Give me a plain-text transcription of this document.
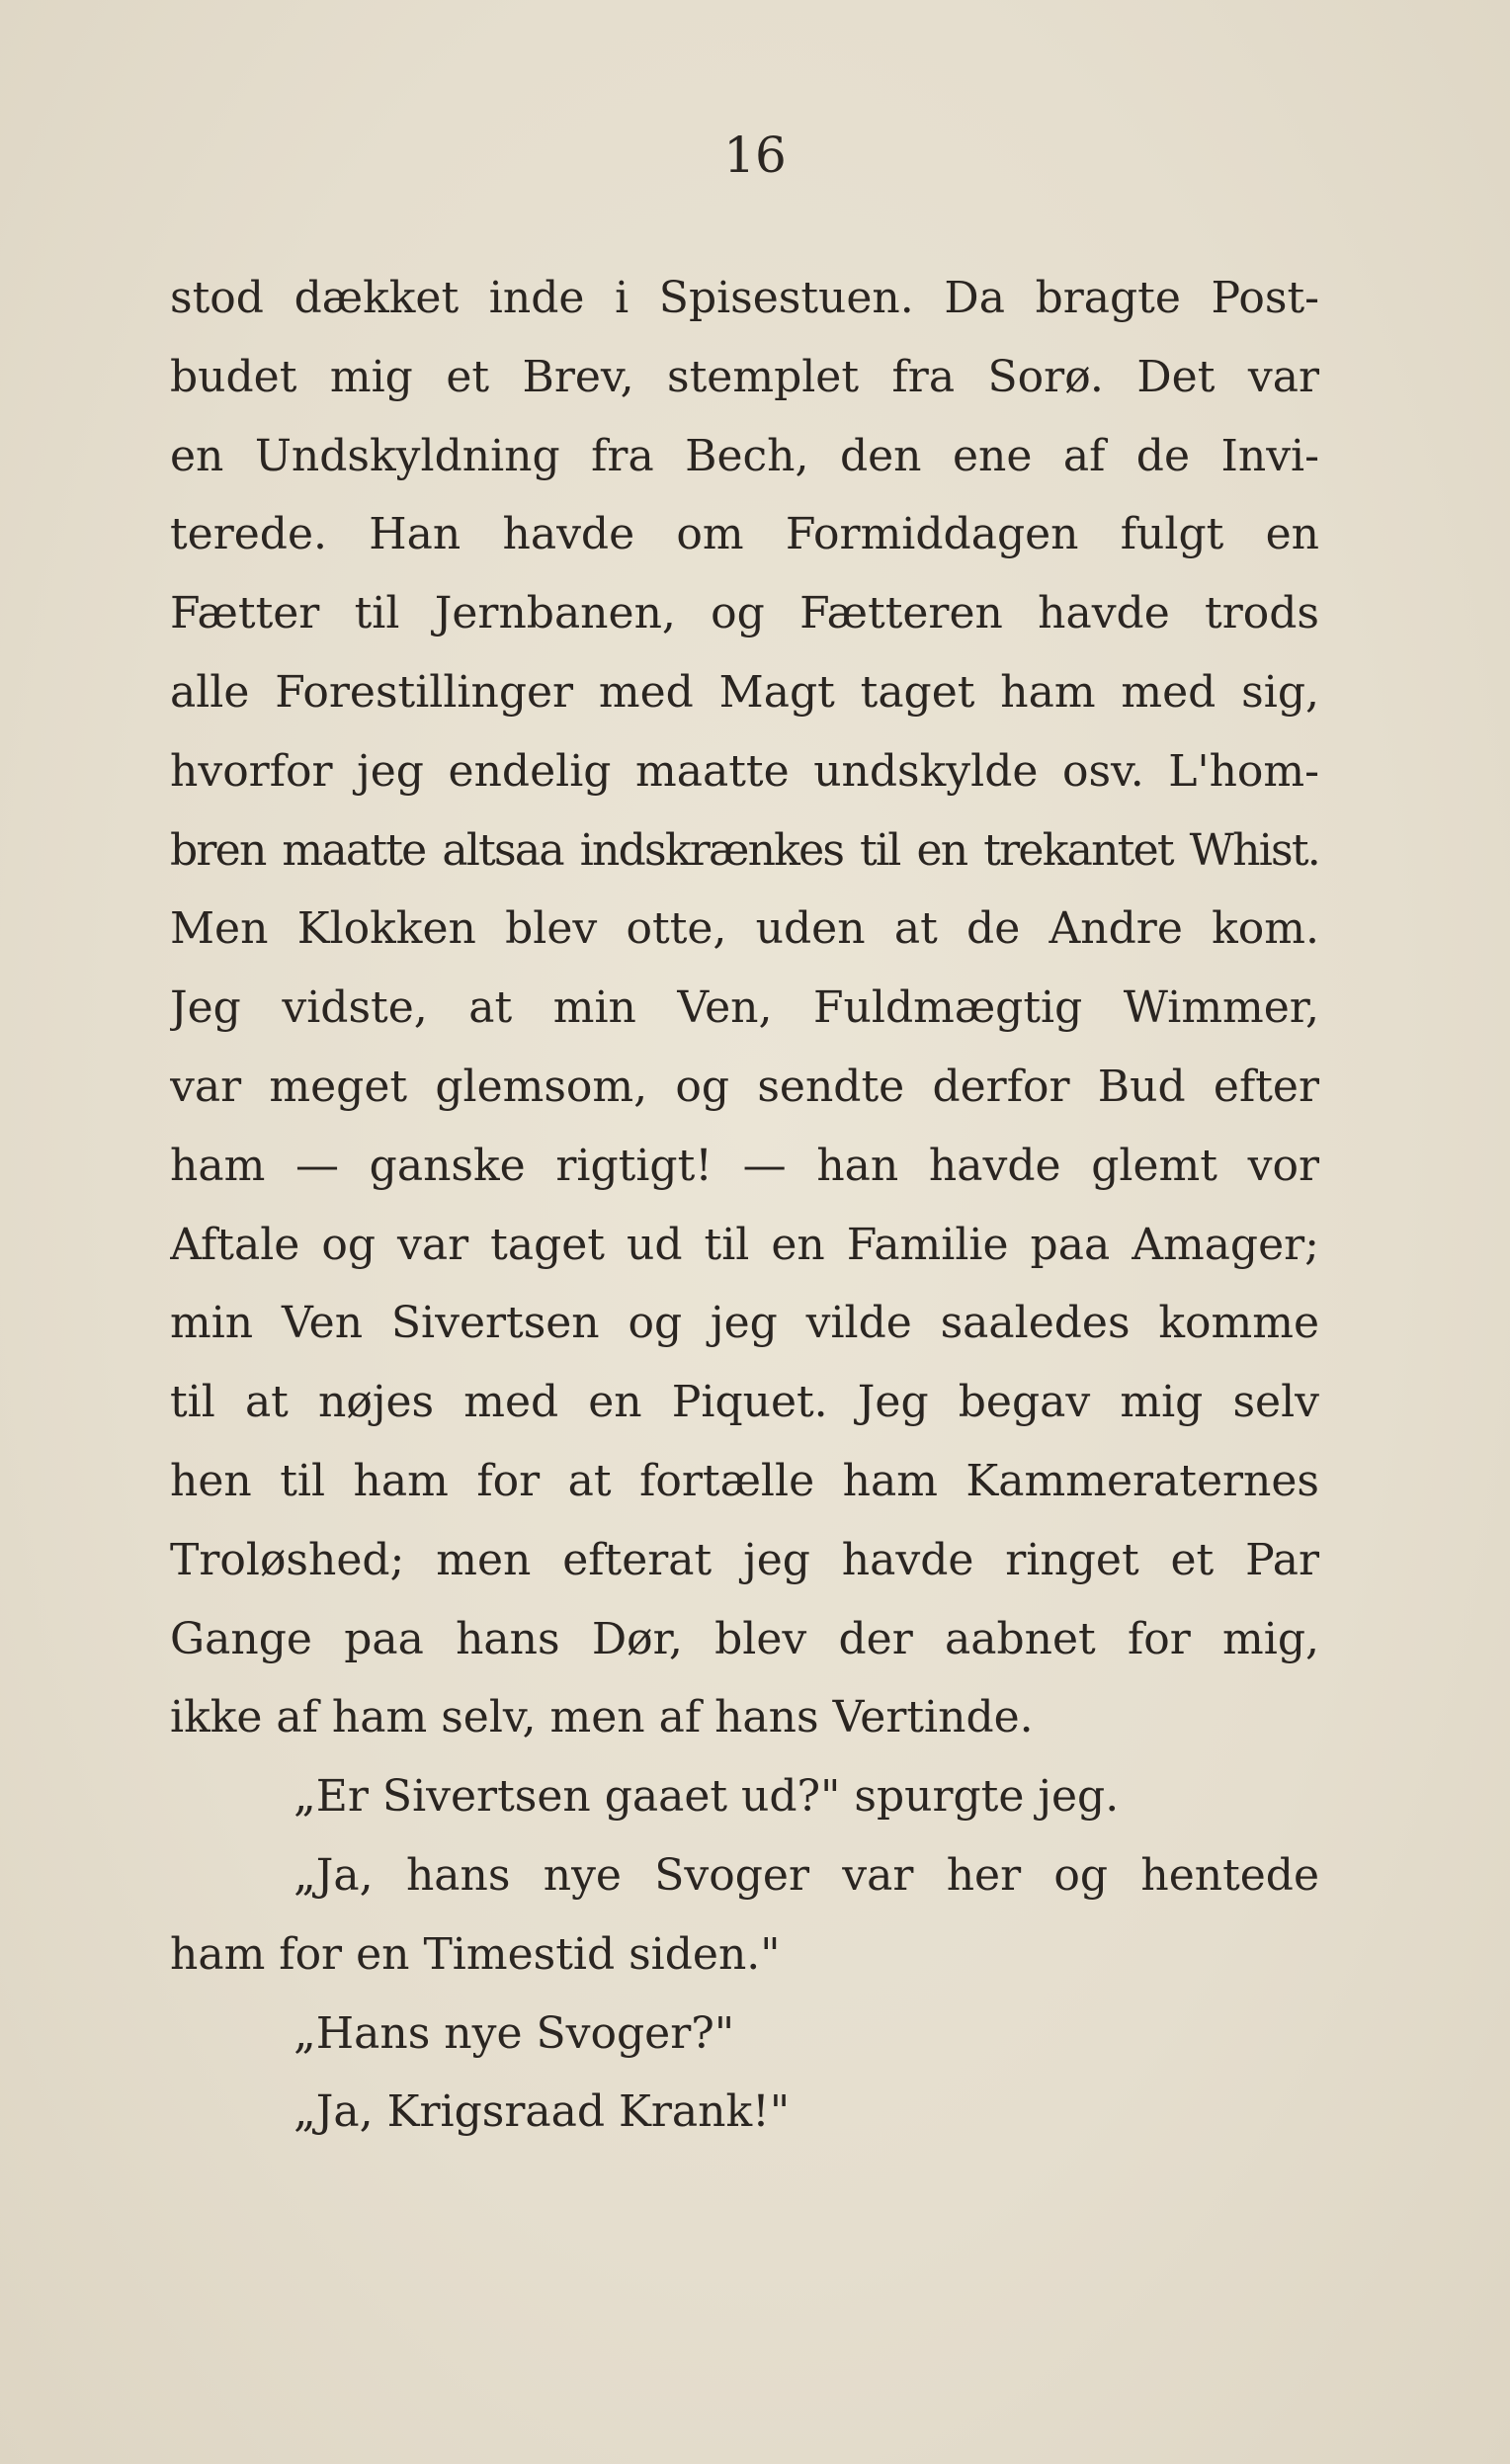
16
stod dækket inde i Spisestuen. Da bragte Post-
budet mig et Brev, stemplet fra Sorø. Det var
en Undskyldning fra Bech, den ene af de Invi-
terede. Han havde om Formiddagen fulgt en
Fætter til Jernbanen, og Fætteren havde trods
alle Forestillinger med Magt taget ham med sig,
hvorfor jeg endelig maatte undskylde osv. L'hom-
bren maatte altsaa indskrænkes til en trekantet Whist.
Men Klokken blev otte, uden at de Andre kom.
Jeg vidste, at min Ven, Fuldmægtig Wimmer,
var meget glemsom, og sendte derfor Bud efter
ham — ganske rigtigt! — han havde glemt vor
Aftale og var taget ud til en Familie paa Amager;
min Ven Sivertsen og jeg vilde saaledes komme
til at nøjes med en Piquet. Jeg begav mig selv
hen til ham for at fortælle ham Kammeraternes
Troløshed; men efterat jeg havde ringet et Par
Gange paa hans Dør, blev der aabnet for mig,
ikke af ham selv, men af hans Vertinde.
„Er Sivertsen gaaet ud?" spurgte jeg.
„Ja, hans nye Svoger var her og hentede
ham for en Timestid siden."
„Hans nye Svoger?"
„Ja, Krigsraad Krank!"
